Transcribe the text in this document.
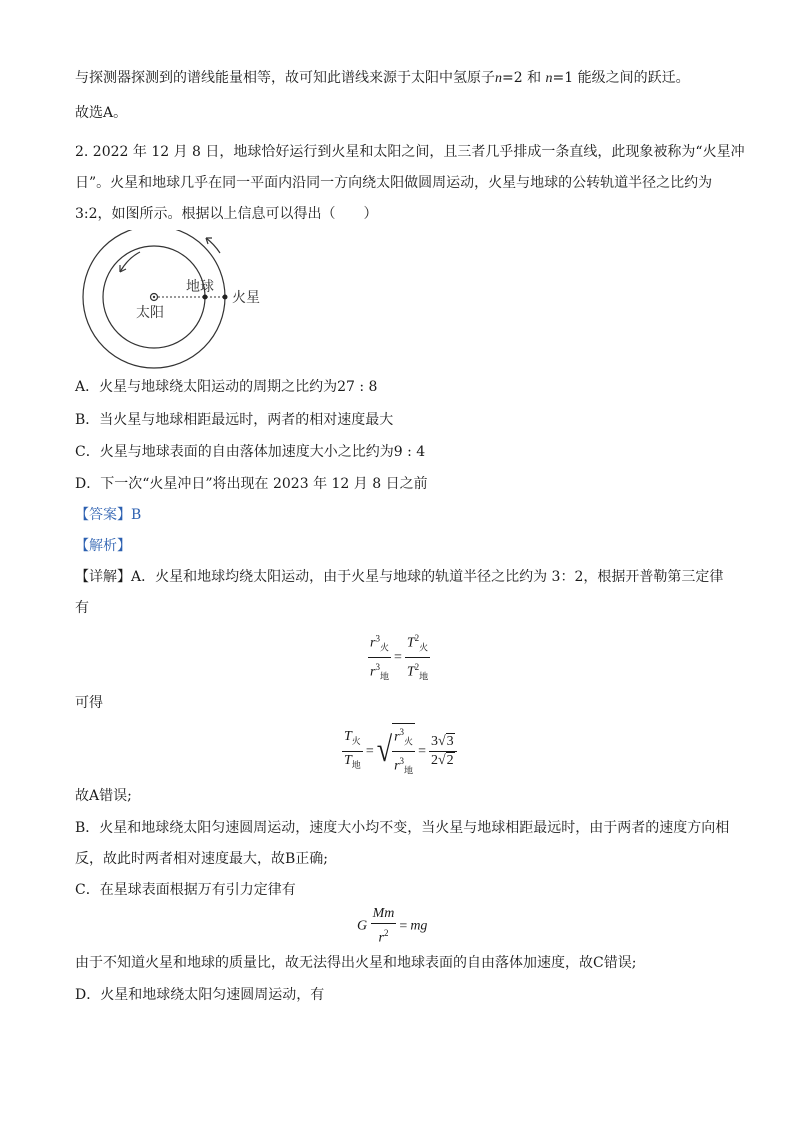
与探测器探测到的谱线能量相等，故可知此谱线来源于太阳中氢原子n=2 和 n=1 能级之间的跃迁。
故选A。
2. 2022 年 12 月 8 日，地球恰好运行到火星和太阳之间，且三者几乎排成一条直线，此现象被称为“火星冲
日”。火星和地球几乎在同一平面内沿同一方向绕太阳做圆周运动，火星与地球的公转轨道半径之比约为
3:2，如图所示。根据以上信息可以得出（　　）
太阳
地球
火星
A．火星与地球绕太阳运动的周期之比约为27 : 8
B．当火星与地球相距最远时，两者的相对速度最大
C．火星与地球表面的自由落体加速度大小之比约为9 : 4
D．下一次“火星冲日”将出现在 2023 年 12 月 8 日之前
【答案】B
【解析】
【详解】A．火星和地球均绕太阳运动，由于火星与地球的轨道半径之比约为 3：2，根据开普勒第三定律
有
$\frac{r^3_火}{r^3_地} = \frac{T^2_火}{T^2_地}$
可得
$\frac{T_火}{T_地}$ = √ $\frac{r^3_火}{r^3_地} = \frac{3√3}{2√2}$
故A错误;
B．火星和地球绕太阳匀速圆周运动，速度大小均不变，当火星与地球相距最远时，由于两者的速度方向相
反，故此时两者相对速度最大，故B正确;
C．在星球表面根据万有引力定律有
G $\frac{Mm}{r^2}$ = mg
由于不知道火星和地球的质量比，故无法得出火星和地球表面的自由落体加速度，故C错误;
D．火星和地球绕太阳匀速圆周运动，有
